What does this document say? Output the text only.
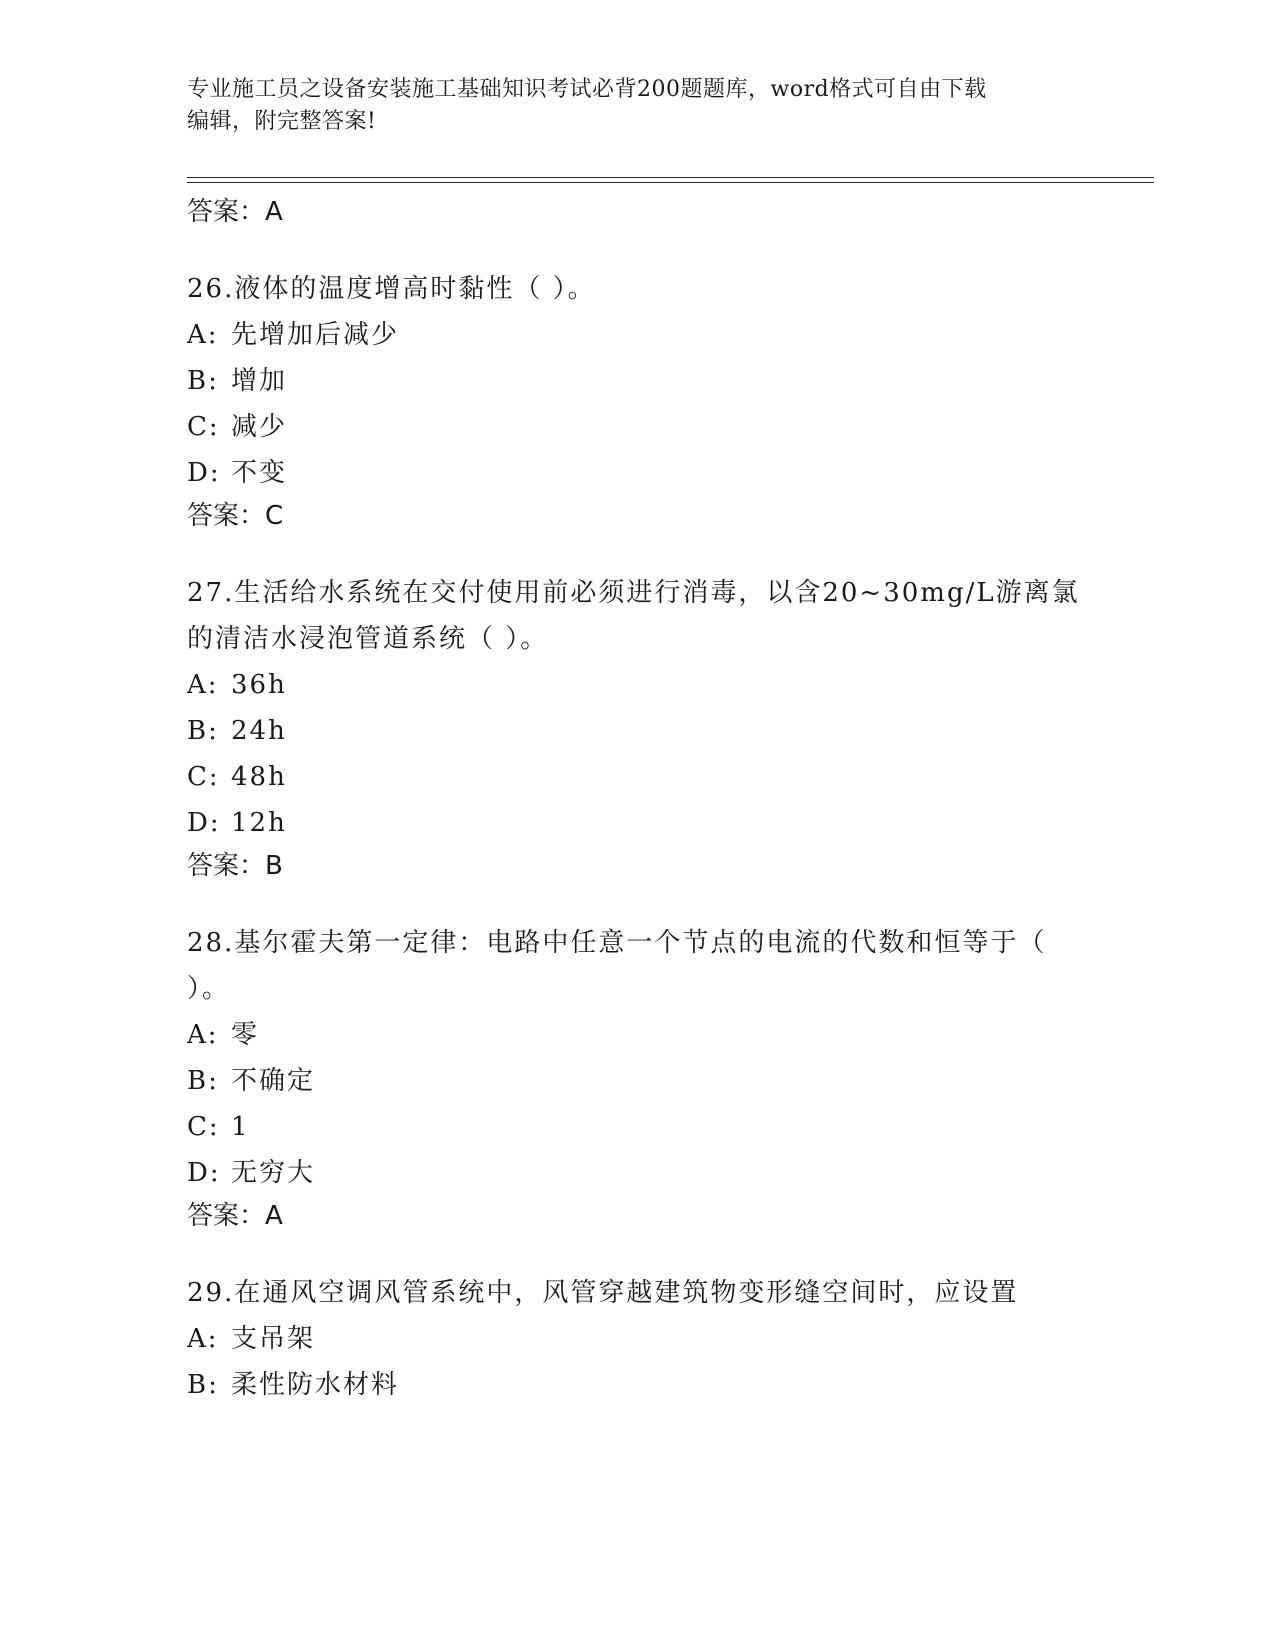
专业施工员之设备安装施工基础知识考试必背200题题库，word格式可自由下载
编辑，附完整答案!
答案：A
26.液体的温度增高时黏性（ ）。
A: 先增加后减少
B: 增加
C: 减少
D: 不变
答案：C
27.生活给水系统在交付使用前必须进行消毒，以含20~30mg/L游离氯
的清洁水浸泡管道系统（ ）。
A: 36h
B: 24h
C: 48h
D: 12h
答案：B
28.基尔霍夫第一定律：电路中任意一个节点的电流的代数和恒等于（
）。
A: 零
B: 不确定
C: 1
D: 无穷大
答案：A
29.在通风空调风管系统中，风管穿越建筑物变形缝空间时，应设置
A: 支吊架
B: 柔性防水材料
